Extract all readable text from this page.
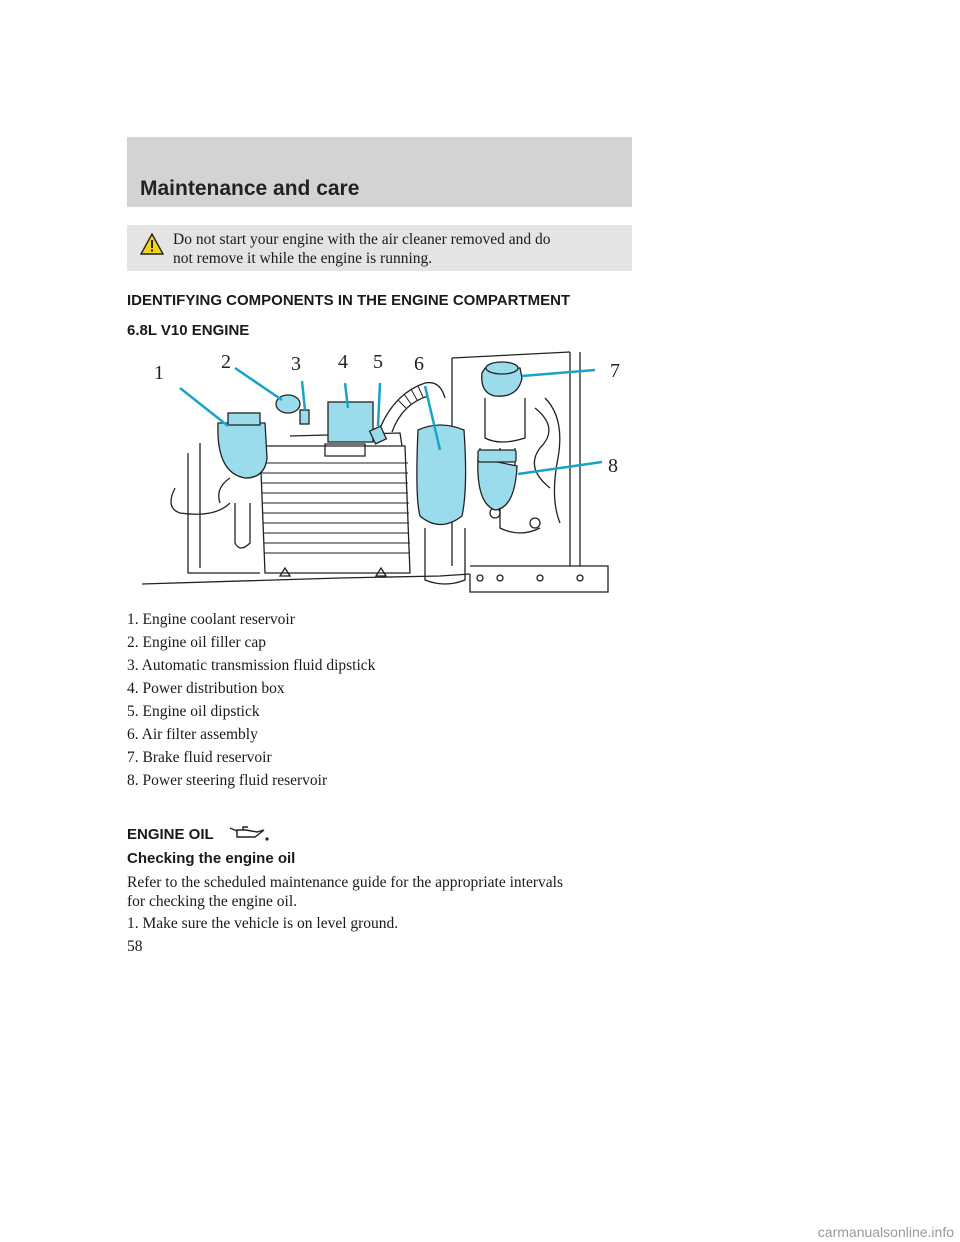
Maintenance and care
Do not start your engine with the air cleaner removed and do
not remove it while the engine is running.
IDENTIFYING COMPONENTS IN THE ENGINE COMPARTMENT
6.8L V10 ENGINE
1	2	3 4 5 6	7
8
1. Engine coolant reservoir
2. Engine oil filler cap
3. Automatic transmission fluid dipstick
4. Power distribution box
5. Engine oil dipstick
6. Air filter assembly
7. Brake fluid reservoir
8. Power steering fluid reservoir
ENGINE OIL
Checking the engine oil
Refer to the scheduled maintenance guide for the appropriate intervals
for checking the engine oil.
1. Make sure the vehicle is on level ground.
58
carmanualsonline.info
